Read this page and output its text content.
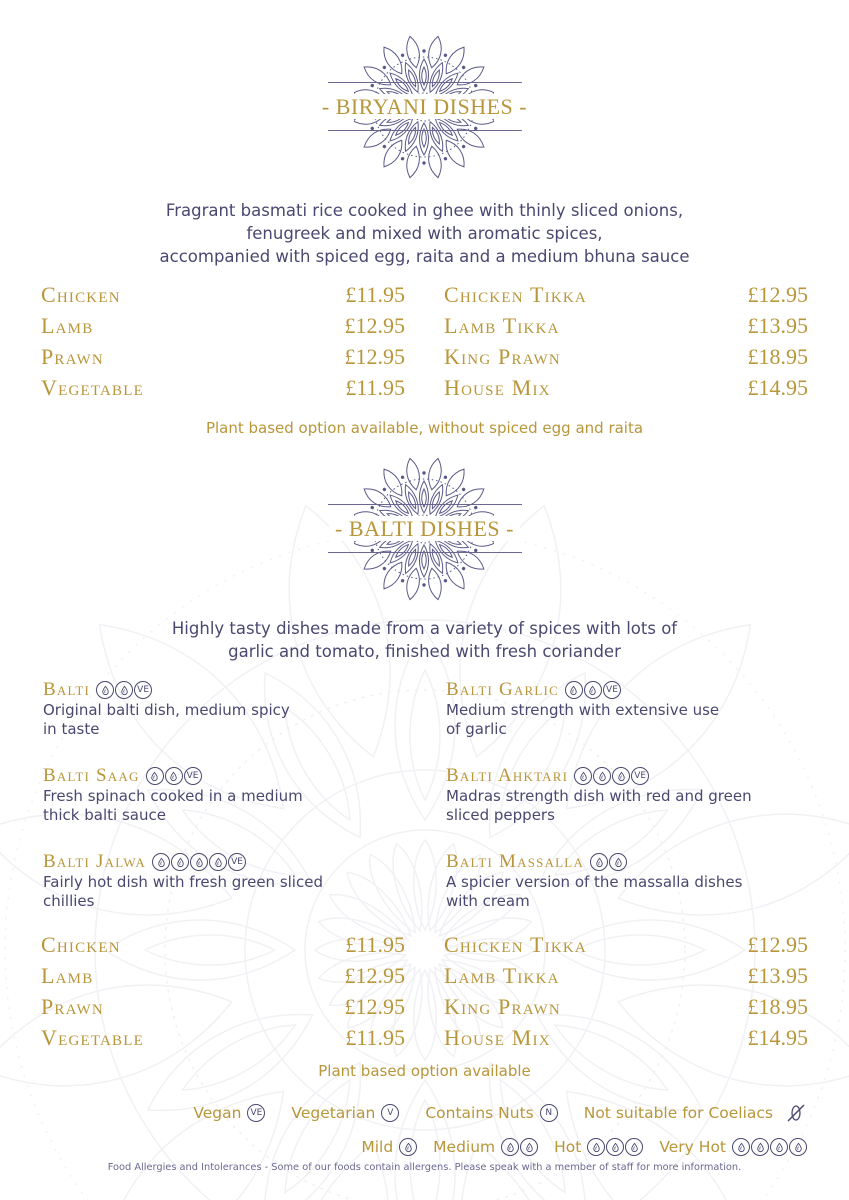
- BIRYANI DISHES -
Fragrant basmati rice cooked in ghee with thinly sliced onions,
fenugreek and mixed with aromatic spices,
accompanied with spiced egg, raita and a medium bhuna sauce
Chicken	£11.95
Lamb	£12.95
Prawn	£12.95
Vegetable	£11.95
Chicken Tikka	£12.95
Lamb Tikka	£13.95
King Prawn	£18.95
House Mix	£14.95
Plant based option available, without spiced egg and raita
- BALTI DISHES -
Highly tasty dishes made from a variety of spices with lots of
garlic and tomato, finished with fresh coriander
Balti	VE
Original balti dish, medium spicy
in taste
Balti Garlic	VE
Medium strength with extensive use
of garlic
Balti Saag	VE
Fresh spinach cooked in a medium
thick balti sauce
Balti Ahktari	VE
Madras strength dish with red and green
sliced peppers
Balti Jalwa	VE
Fairly hot dish with fresh green sliced
chillies
Balti Massalla
A spicier version of the massalla dishes
with cream
Chicken	£11.95
Lamb	£12.95
Prawn	£12.95
Vegetable	£11.95
Chicken Tikka	£12.95
Lamb Tikka	£13.95
King Prawn	£18.95
House Mix	£14.95
Plant based option available
Vegan	VE Vegetarian	V	Contains Nuts	N	Not suitable for Coeliacs
Mild	Medium	Hot	Very Hot
Food Allergies and Intolerances - Some of our foods contain allergens. Please speak with a member of staff for more information.
